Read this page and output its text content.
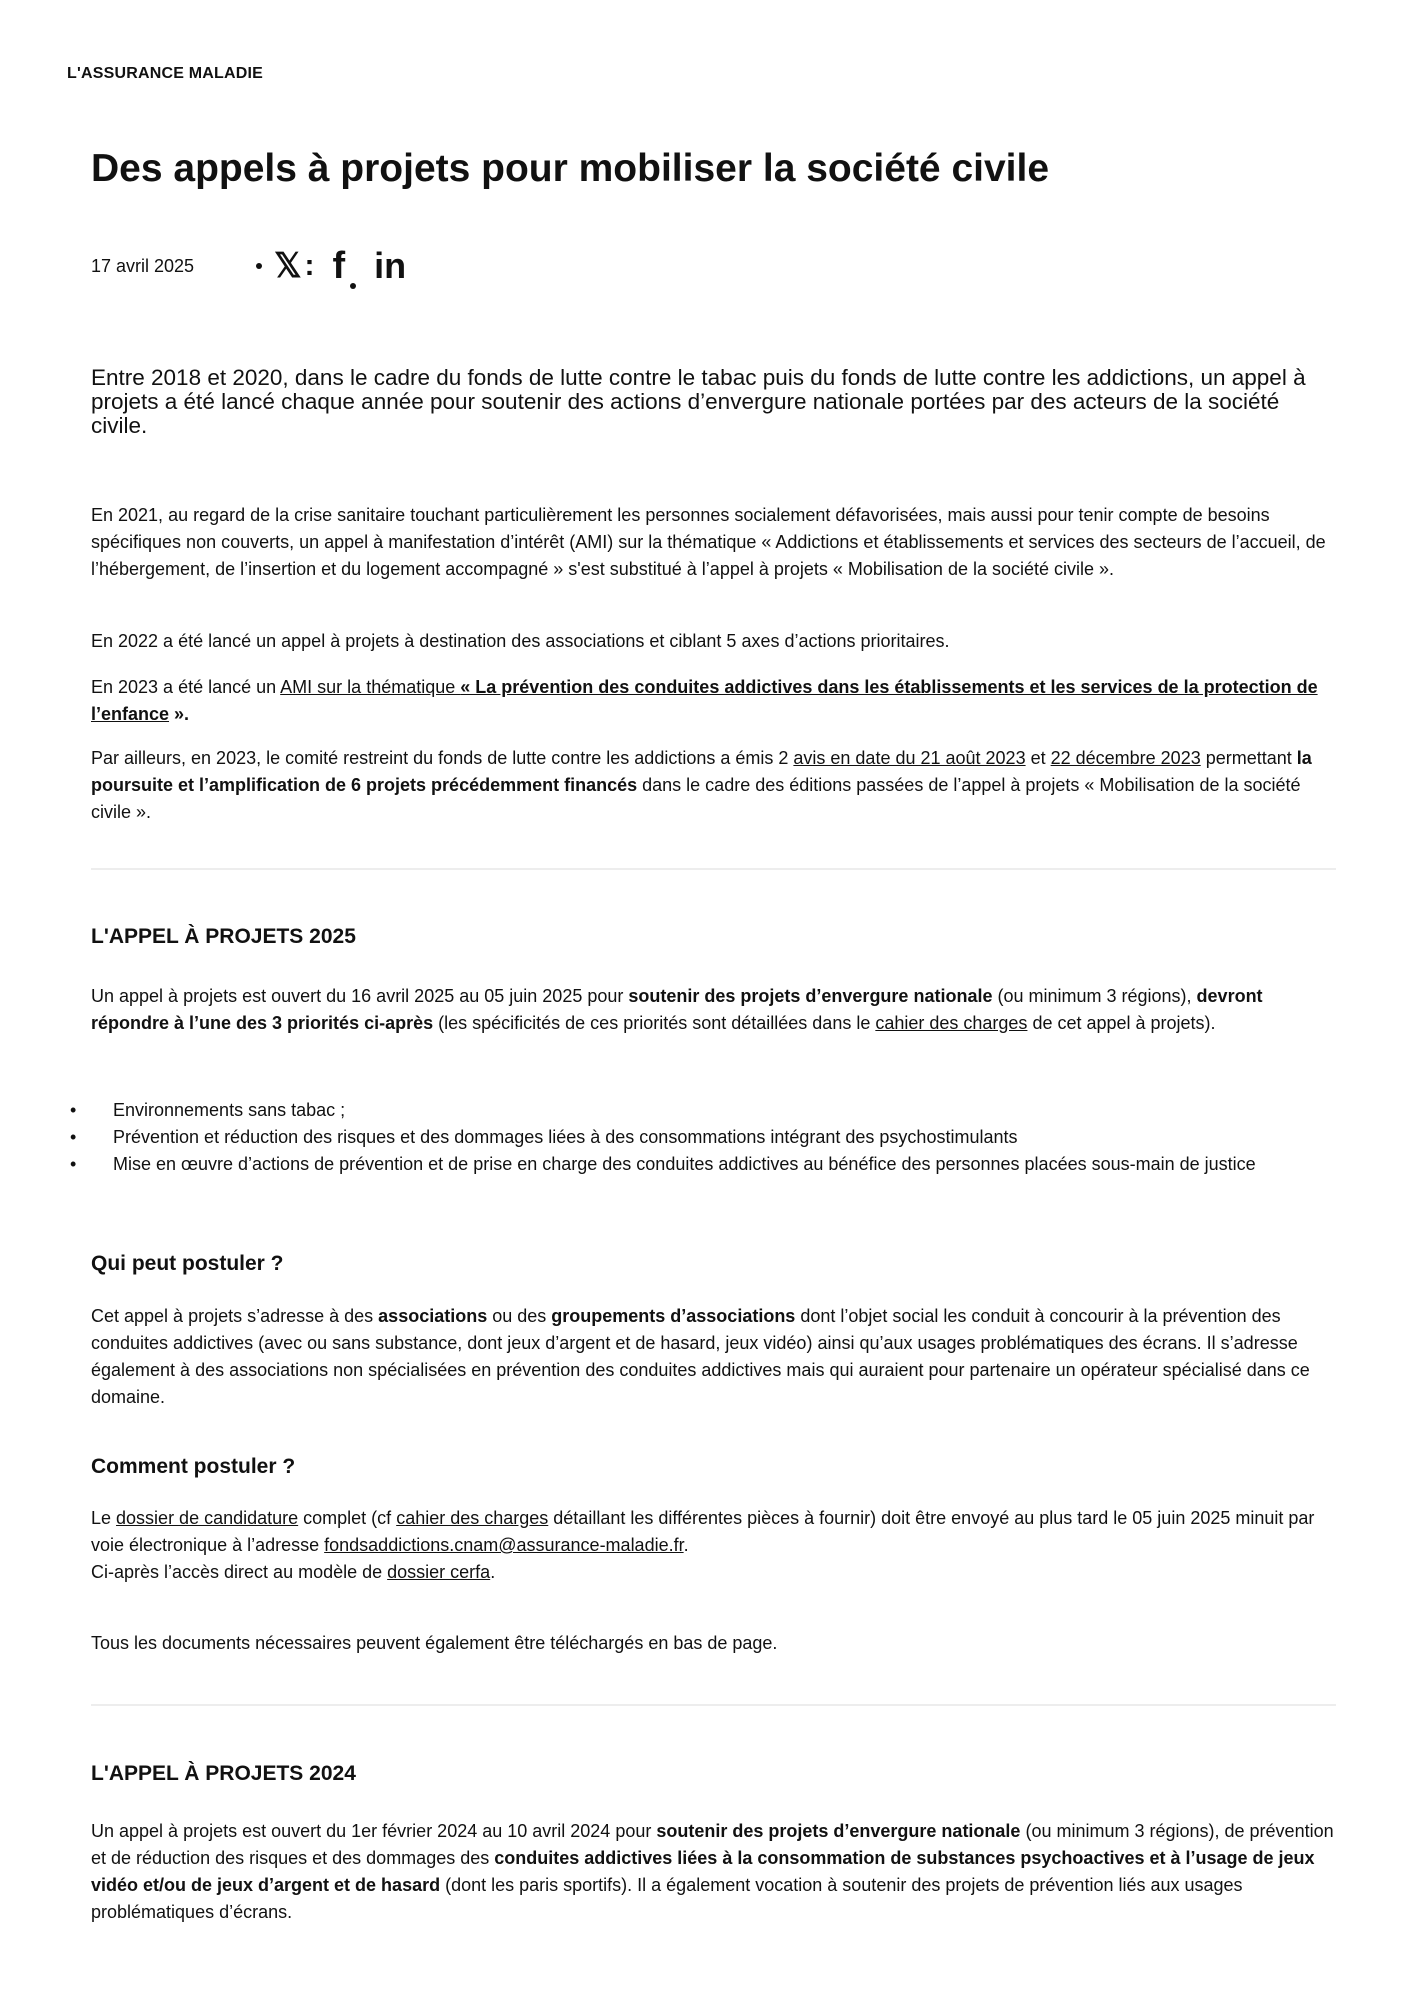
L'ASSURANCE MALADIE
Des appels à projets pour mobiliser la société civile
17 avril 2025 𝕏 : f in

Entre 2018 et 2020, dans le cadre du fonds de lutte contre le tabac puis du fonds de lutte contre les addictions, un appel à projets a été lancé chaque année pour soutenir des actions d’envergure nationale portées par des acteurs de la société civile.

En 2021, au regard de la crise sanitaire touchant particulièrement les personnes socialement défavorisées, mais aussi pour tenir compte de besoins spécifiques non couverts, un appel à manifestation d’intérêt (AMI) sur la thématique « Addictions et établissements et services des secteurs de l’accueil, de l’hébergement, de l’insertion et du logement accompagné » s'est substitué à l’appel à projets « Mobilisation de la société civile ».

En 2022 a été lancé un appel à projets à destination des associations et ciblant 5 axes d’actions prioritaires.

En 2023 a été lancé un AMI sur la thématique « La prévention des conduites addictives dans les établissements et les services de la protection de l’enfance ».

Par ailleurs, en 2023, le comité restreint du fonds de lutte contre les addictions a émis 2 avis en date du 21 août 2023 et 22 décembre 2023 permettant la poursuite et l’amplification de 6 projets précédemment financés dans le cadre des éditions passées de l’appel à projets « Mobilisation de la société civile ».

L'APPEL À PROJETS 2025

Un appel à projets est ouvert du 16 avril 2025 au 05 juin 2025 pour soutenir des projets d’envergure nationale (ou minimum 3 régions), devront répondre à l’une des 3 priorités ci-après (les spécificités de ces priorités sont détaillées dans le cahier des charges de cet appel à projets).

• Environnements sans tabac ;
• Prévention et réduction des risques et des dommages liées à des consommations intégrant des psychostimulants
• Mise en œuvre d’actions de prévention et de prise en charge des conduites addictives au bénéfice des personnes placées sous-main de justice
Qui peut postuler ?

Cet appel à projets s’adresse à des associations ou des groupements d’associations dont l’objet social les conduit à concourir à la prévention des conduites addictives (avec ou sans substance, dont jeux d’argent et de hasard, jeux vidéo) ainsi qu’aux usages problématiques des écrans. Il s’adresse également à des associations non spécialisées en prévention des conduites addictives mais qui auraient pour partenaire un opérateur spécialisé dans ce domaine.

Comment postuler ?

Le dossier de candidature complet (cf cahier des charges détaillant les différentes pièces à fournir) doit être envoyé au plus tard le 05 juin 2025 minuit par voie électronique à l’adresse fondsaddictions.cnam@assurance-maladie.fr.
Ci-après l’accès direct au modèle de dossier cerfa.

Tous les documents nécessaires peuvent également être téléchargés en bas de page.

L'APPEL À PROJETS 2024

Un appel à projets est ouvert du 1er février 2024 au 10 avril 2024 pour soutenir des projets d’envergure nationale (ou minimum 3 régions), de prévention et de réduction des risques et des dommages des conduites addictives liées à la consommation de substances psychoactives et à l’usage de jeux vidéo et/ou de jeux d’argent et de hasard (dont les paris sportifs). Il a également vocation à soutenir des projets de prévention liés aux usages problématiques d’écrans.
